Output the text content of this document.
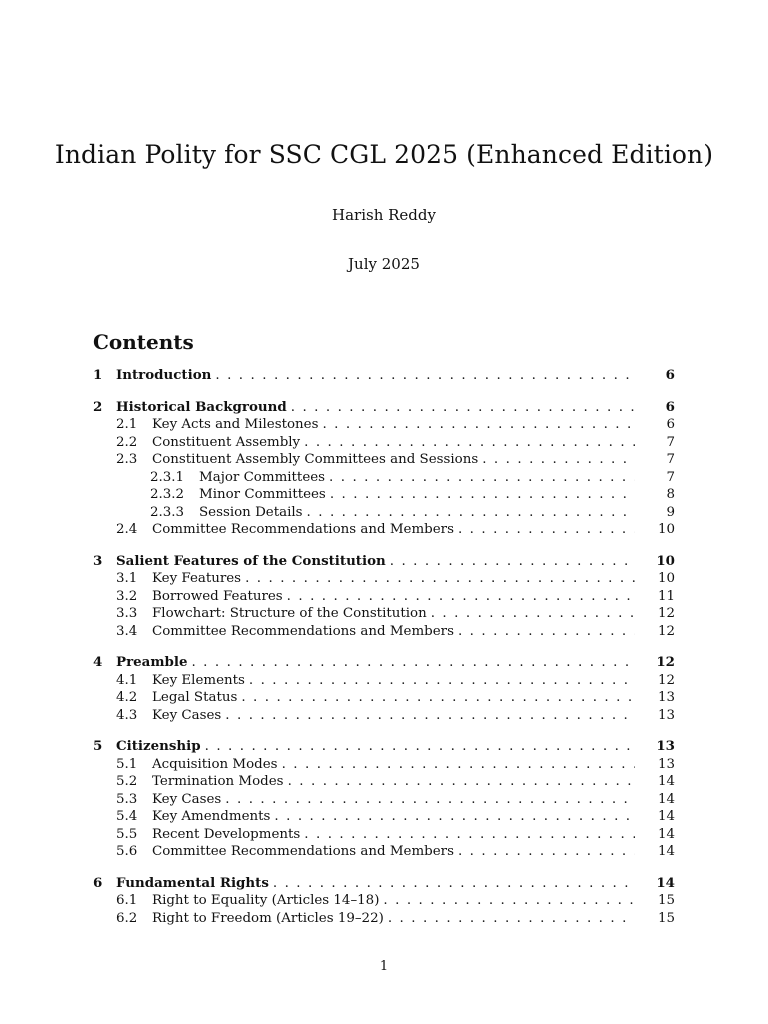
Indian Polity for SSC CGL 2025 (Enhanced Edition)
Harish Reddy
July 2025
Contents
1	Introduction . . .	6
2	Historical Background . . .	6
2.1	Key Acts and Milestones . . .	6
2.2	Constituent Assembly . . .	7
2.3	Constituent Assembly Committees and Sessions . . .	7
2.3.1	Major Committees . . .	7
2.3.2	Minor Committees . . .	8
2.3.3	Session Details . . .	9
2.4	Committee Recommendations and Members . . .	10
3	Salient Features of the Constitution . . .	10
3.1	Key Features . . .	10
3.2	Borrowed Features . . .	11
3.3	Flowchart: Structure of the Constitution . . .	12
3.4	Committee Recommendations and Members . . .	12
4	Preamble . . .	12
4.1	Key Elements . . .	12
4.2	Legal Status . . .	13
4.3	Key Cases . . .	13
5	Citizenship . . .	13
5.1	Acquisition Modes . . .	13
5.2	Termination Modes . . .	14
5.3	Key Cases . . .	14
5.4	Key Amendments . . .	14
5.5	Recent Developments . . .	14
5.6	Committee Recommendations and Members . . .	14
6	Fundamental Rights . . .	14
6.1	Right to Equality (Articles 14–18) . . .	15
6.2	Right to Freedom (Articles 19–22) . . .	15
1
